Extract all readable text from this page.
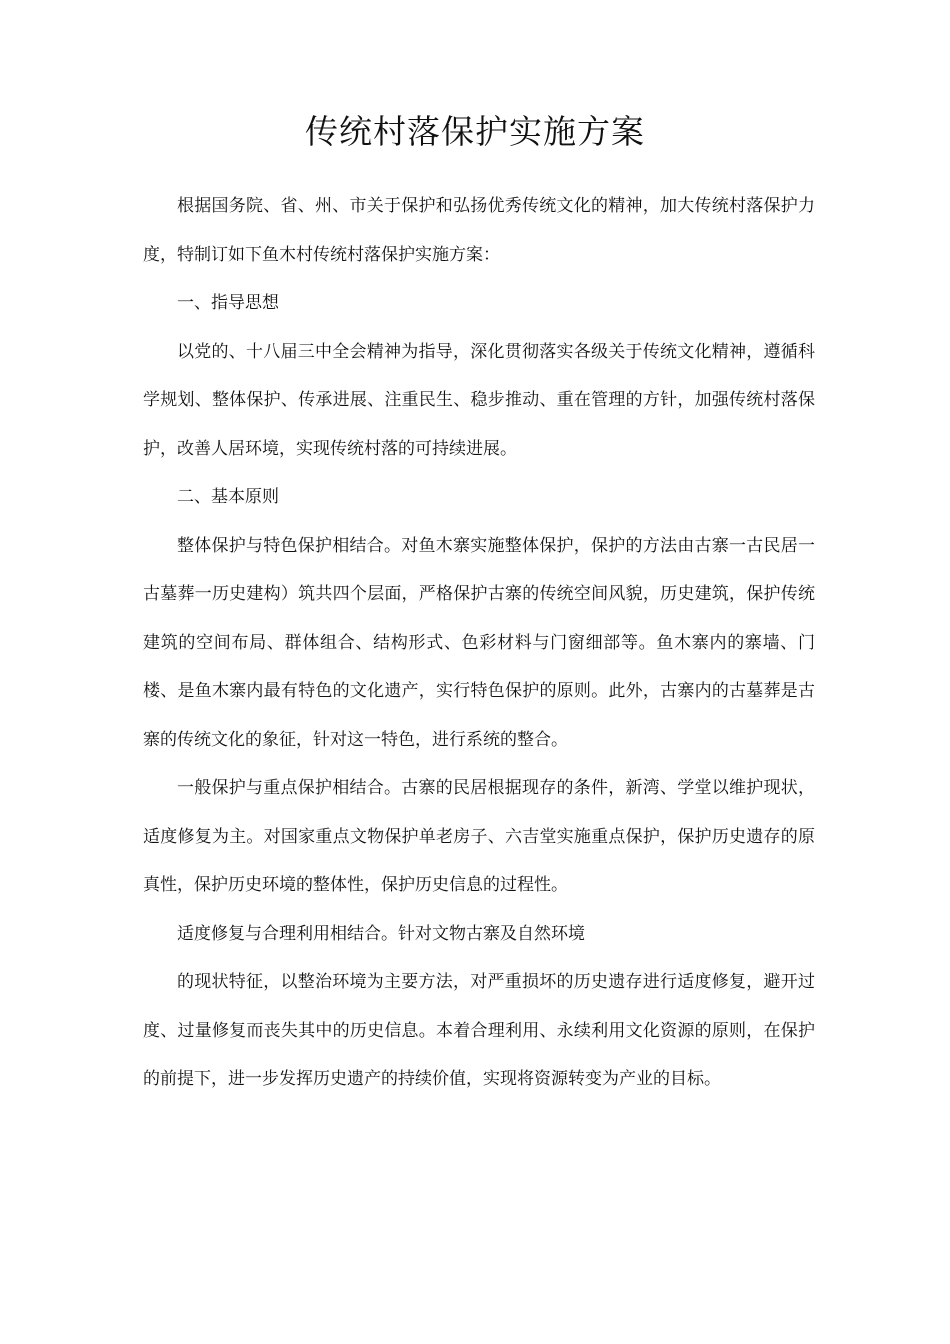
传统村落保护实施方案

根据国务院、省、州、市关于保护和弘扬优秀传统文化的精神，加大传统村落保护力度，特制订如下鱼木村传统村落保护实施方案：

一、指导思想

以党的、十八届三中全会精神为指导，深化贯彻落实各级关于传统文化精神，遵循科学规划、整体保护、传承进展、注重民生、稳步推动、重在管理的方针，加强传统村落保护，改善人居环境，实现传统村落的可持续进展。

二、基本原则

整体保护与特色保护相结合。对鱼木寨实施整体保护，保护的方法由古寨一古民居一古墓葬一历史建构）筑共四个层面，严格保护古寨的传统空间风貌，历史建筑，保护传统建筑的空间布局、群体组合、结构形式、色彩材料与门窗细部等。鱼木寨内的寨墙、门楼、是鱼木寨内最有特色的文化遗产，实行特色保护的原则。此外，古寨内的古墓葬是古寨的传统文化的象征，针对这一特色，进行系统的整合。

一般保护与重点保护相结合。古寨的民居根据现存的条件，新湾、学堂以维护现状，适度修复为主。对国家重点文物保护单老房子、六吉堂实施重点保护，保护历史遗存的原真性，保护历史环境的整体性，保护历史信息的过程性。

适度修复与合理利用相结合。针对文物古寨及自然环境

的现状特征，以整治环境为主要方法，对严重损坏的历史遗存进行适度修复，避开过度、过量修复而丧失其中的历史信息。本着合理利用、永续利用文化资源的原则，在保护的前提下，进一步发挥历史遗产的持续价值，实现将资源转变为产业的目标。
